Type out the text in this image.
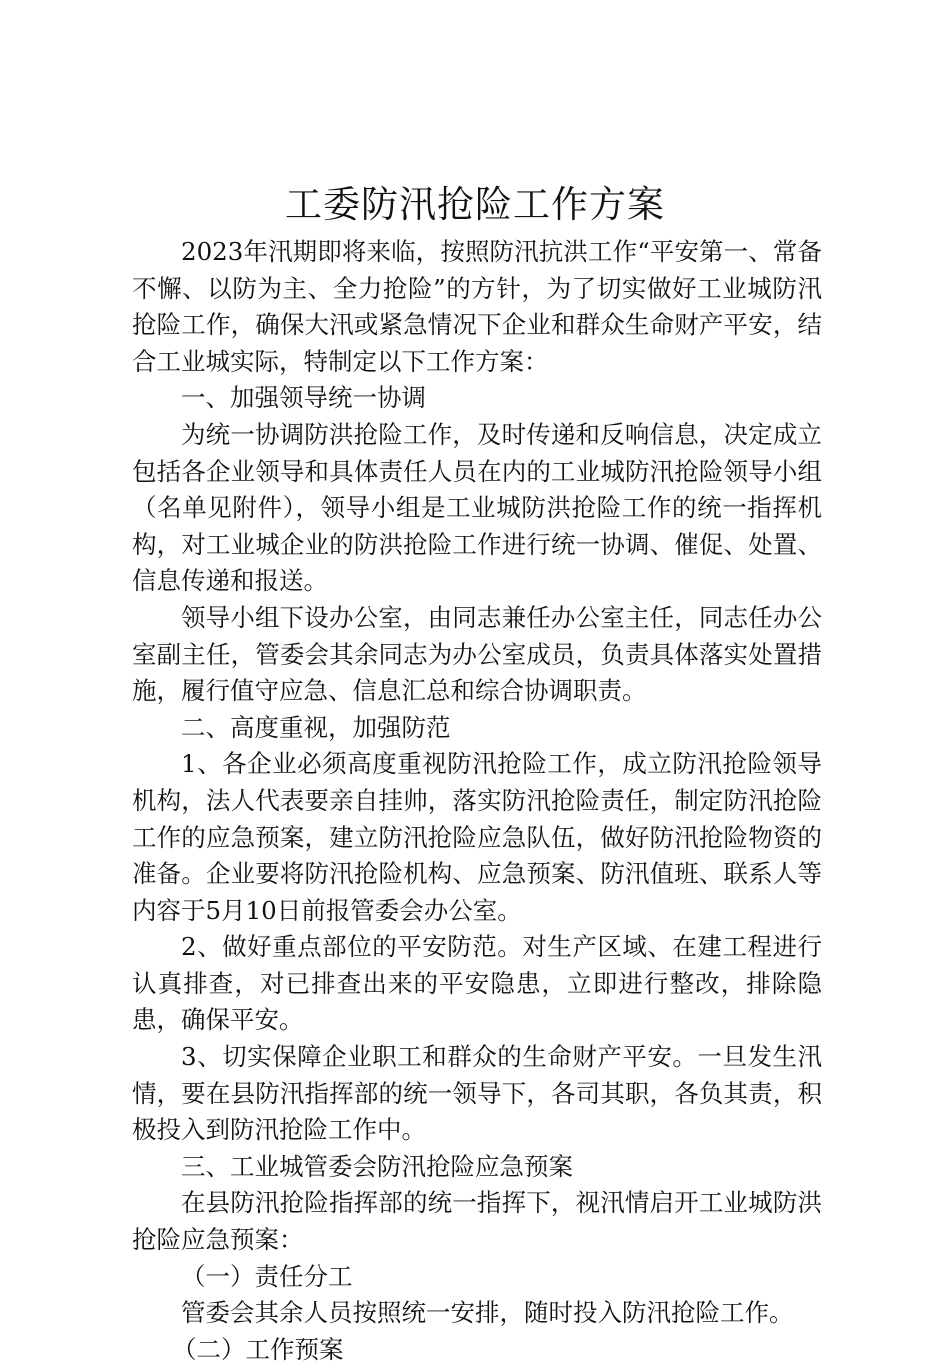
工委防汛抢险工作方案

2023年汛期即将来临，按照防汛抗洪工作“平安第一、常备不懈、以防为主、全力抢险”的方针，为了切实做好工业城防汛抢险工作，确保大汛或紧急情况下企业和群众生命财产平安，结合工业城实际，特制定以下工作方案：

一、加强领导统一协调

为统一协调防洪抢险工作，及时传递和反响信息，决定成立包括各企业领导和具体责任人员在内的工业城防汛抢险领导小组（名单见附件），领导小组是工业城防洪抢险工作的统一指挥机构，对工业城企业的防洪抢险工作进行统一协调、催促、处置、信息传递和报送。

领导小组下设办公室，由同志兼任办公室主任，同志任办公室副主任，管委会其余同志为办公室成员，负责具体落实处置措施，履行值守应急、信息汇总和综合协调职责。

二、高度重视，加强防范

1、各企业必须高度重视防汛抢险工作，成立防汛抢险领导机构，法人代表要亲自挂帅，落实防汛抢险责任，制定防汛抢险工作的应急预案，建立防汛抢险应急队伍，做好防汛抢险物资的准备。企业要将防汛抢险机构、应急预案、防汛值班、联系人等内容于5月10日前报管委会办公室。

2、做好重点部位的平安防范。对生产区域、在建工程进行认真排查，对已排查出来的平安隐患，立即进行整改，排除隐患，确保平安。

3、切实保障企业职工和群众的生命财产平安。一旦发生汛情，要在县防汛指挥部的统一领导下，各司其职，各负其责，积极投入到防汛抢险工作中。

三、工业城管委会防汛抢险应急预案

在县防汛抢险指挥部的统一指挥下，视汛情启开工业城防洪抢险应急预案：

（一）责任分工

管委会其余人员按照统一安排，随时投入防汛抢险工作。

（二）工作预案
